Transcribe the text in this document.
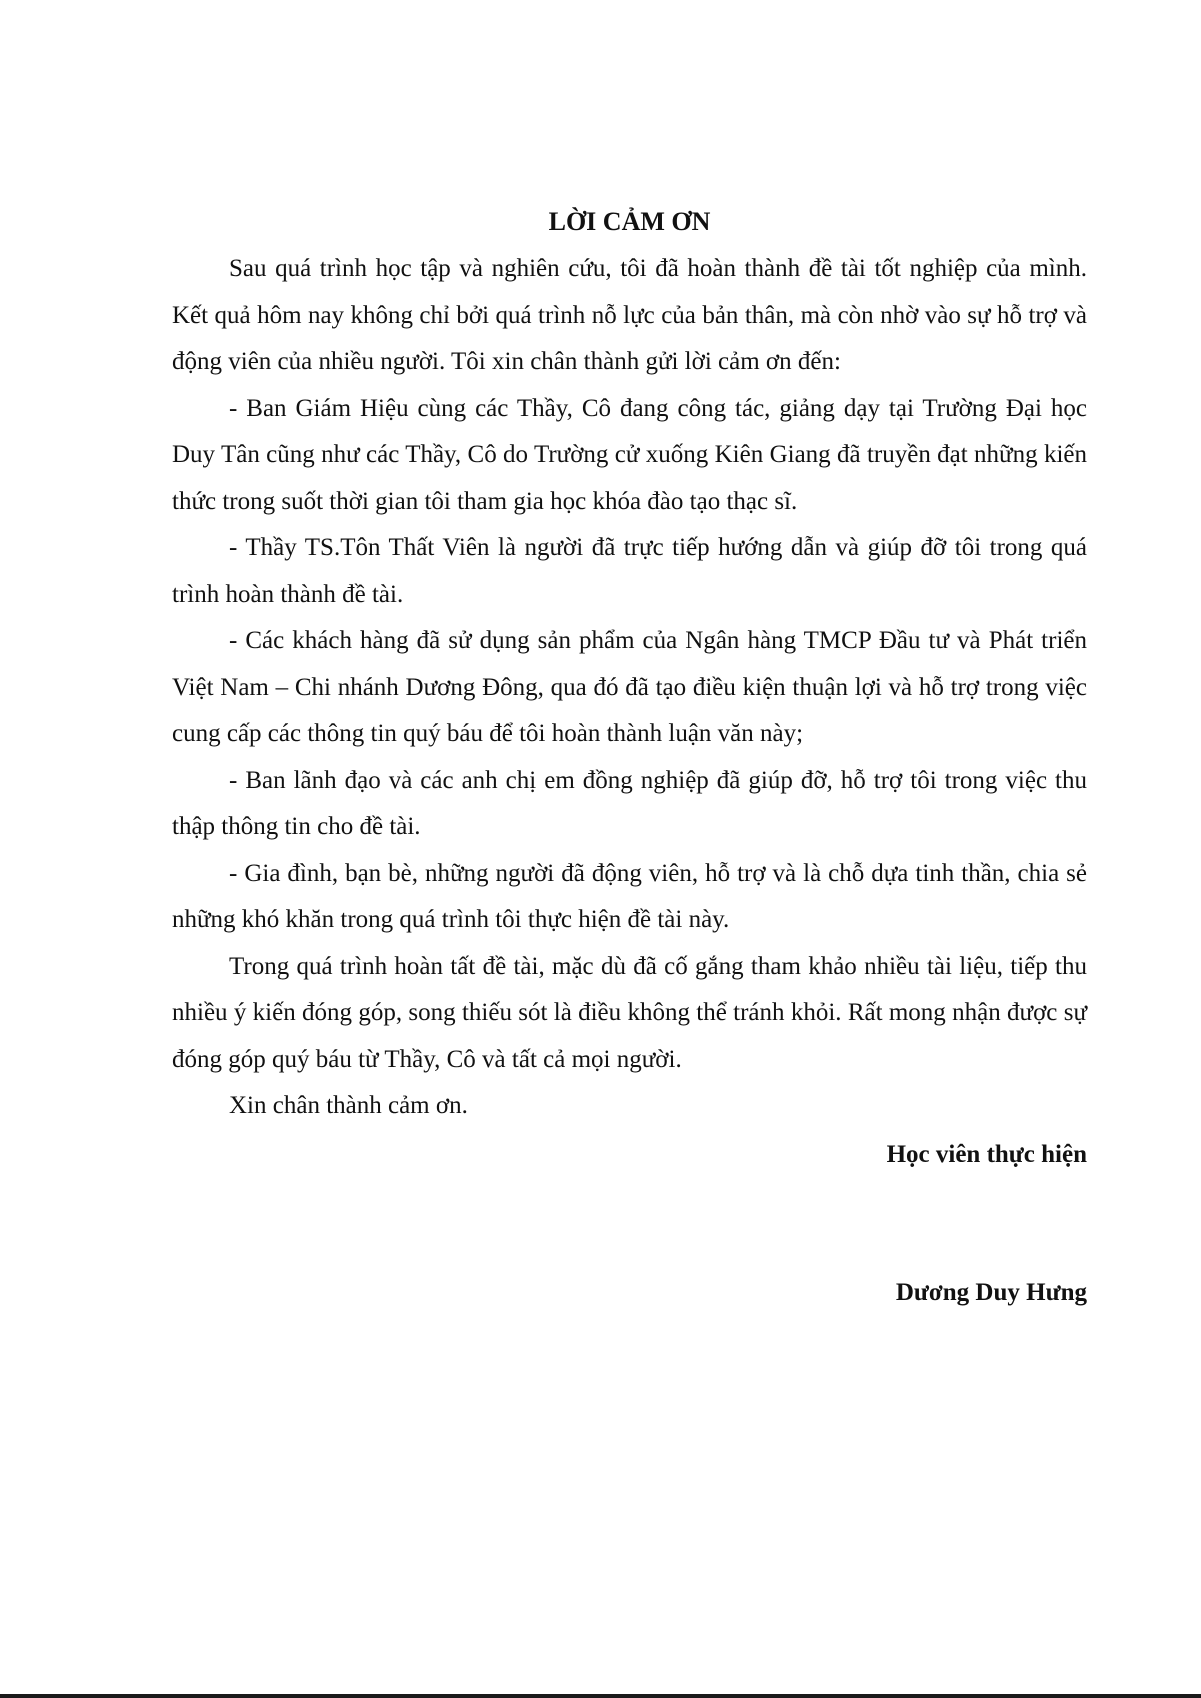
LỜI CẢM ƠN

Sau quá trình học tập và nghiên cứu, tôi đã hoàn thành đề tài tốt nghiệp của mình. Kết quả hôm nay không chỉ bởi quá trình nỗ lực của bản thân, mà còn nhờ vào sự hỗ trợ và động viên của nhiều người. Tôi xin chân thành gửi lời cảm ơn đến:

- Ban Giám Hiệu cùng các Thầy, Cô đang công tác, giảng dạy tại Trường Đại học Duy Tân cũng như các Thầy, Cô do Trường cử xuống Kiên Giang đã truyền đạt những kiến thức trong suốt thời gian tôi tham gia học khóa đào tạo thạc sĩ.

- Thầy TS.Tôn Thất Viên là người đã trực tiếp hướng dẫn và giúp đỡ tôi trong quá trình hoàn thành đề tài.

- Các khách hàng đã sử dụng sản phẩm của Ngân hàng TMCP Đầu tư và Phát triển Việt Nam – Chi nhánh Dương Đông, qua đó đã tạo điều kiện thuận lợi và hỗ trợ trong việc cung cấp các thông tin quý báu để tôi hoàn thành luận văn này;

- Ban lãnh đạo và các anh chị em đồng nghiệp đã giúp đỡ, hỗ trợ tôi trong việc thu thập thông tin cho đề tài.

- Gia đình, bạn bè, những người đã động viên, hỗ trợ và là chỗ dựa tinh thần, chia sẻ những khó khăn trong quá trình tôi thực hiện đề tài này.

Trong quá trình hoàn tất đề tài, mặc dù đã cố gắng tham khảo nhiều tài liệu, tiếp thu nhiều ý kiến đóng góp, song thiếu sót là điều không thể tránh khỏi. Rất mong nhận được sự đóng góp quý báu từ Thầy, Cô và tất cả mọi người.

Xin chân thành cảm ơn.

Học viên thực hiện

Dương Duy Hưng
